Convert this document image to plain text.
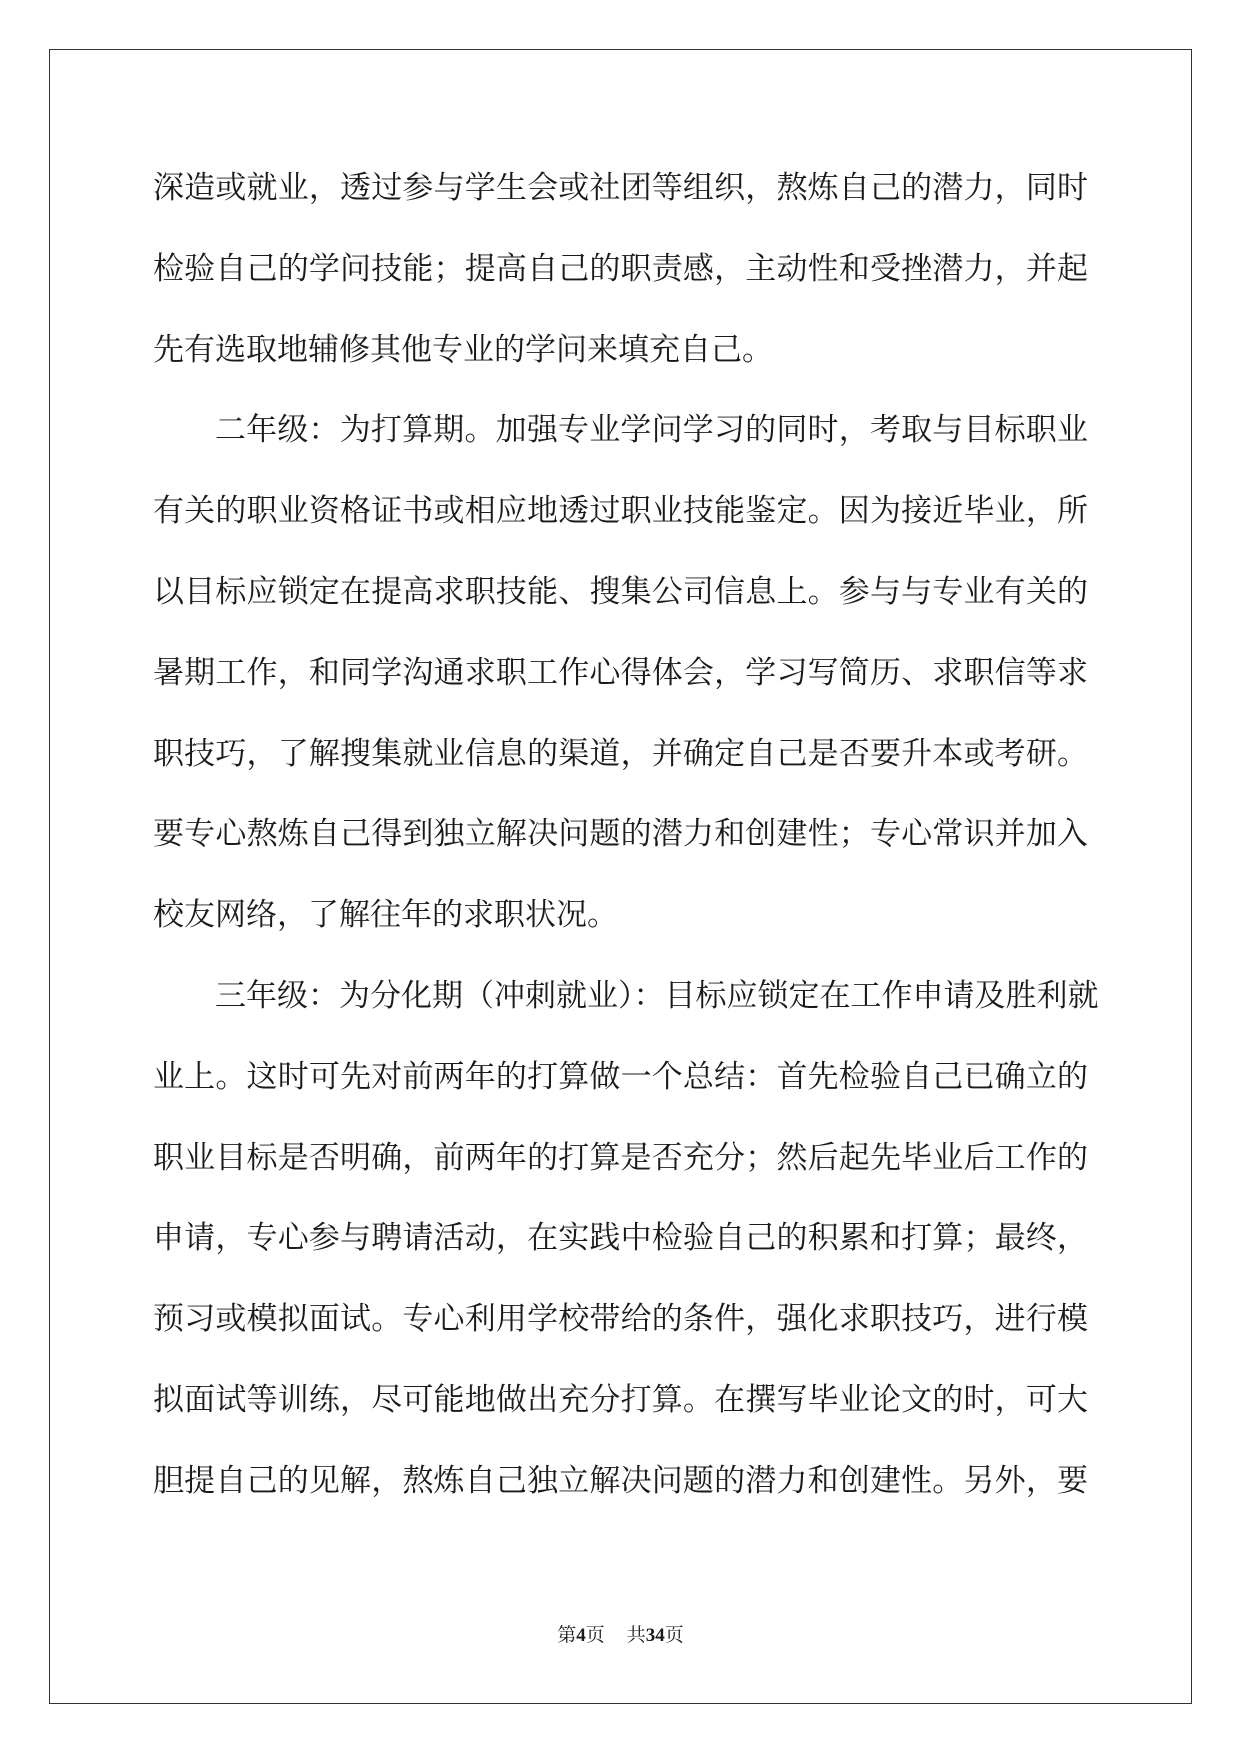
深造或就业，透过参与学生会或社团等组织，熬炼自己的潜力，同时
检验自己的学问技能；提高自己的职责感，主动性和受挫潜力，并起
先有选取地辅修其他专业的学问来填充自己。
二年级：为打算期。加强专业学问学习的同时，考取与目标职业
有关的职业资格证书或相应地透过职业技能鉴定。因为接近毕业，所
以目标应锁定在提高求职技能、搜集公司信息上。参与与专业有关的
暑期工作，和同学沟通求职工作心得体会，学习写简历、求职信等求
职技巧，了解搜集就业信息的渠道，并确定自己是否要升本或考研。
要专心熬炼自己得到独立解决问题的潜力和创建性；专心常识并加入
校友网络，了解往年的求职状况。
三年级：为分化期（冲刺就业）：目标应锁定在工作申请及胜利就
业上。这时可先对前两年的打算做一个总结：首先检验自己已确立的
职业目标是否明确，前两年的打算是否充分；然后起先毕业后工作的
申请，专心参与聘请活动，在实践中检验自己的积累和打算；最终，
预习或模拟面试。专心利用学校带给的条件，强化求职技巧，进行模
拟面试等训练，尽可能地做出充分打算。在撰写毕业论文的时，可大
胆提自己的见解，熬炼自己独立解决问题的潜力和创建性。另外，要
第4页 共34页
